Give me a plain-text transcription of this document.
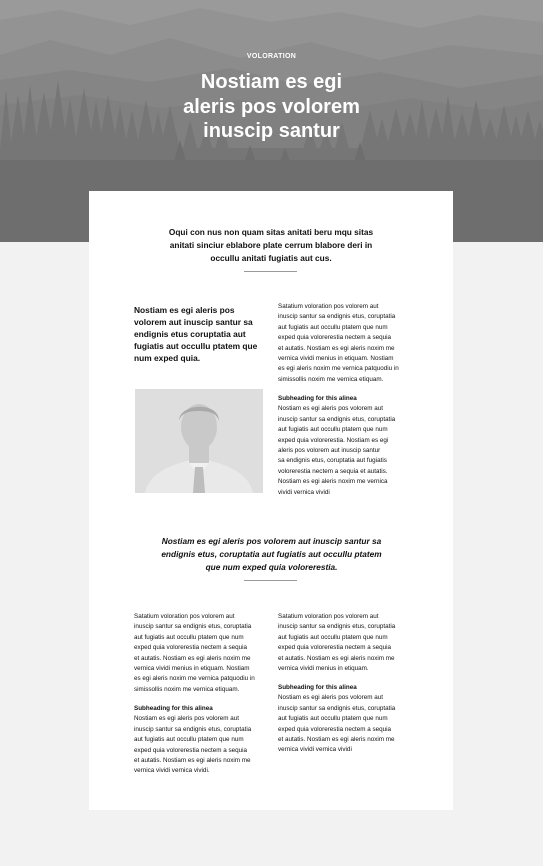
VOLORATION
Nostiam es egi
aleris pos volorem
inuscip santur
Oqui con nus non quam sitas anitati beru mqu sitas
anitati sinciur eblabore plate cerrum blabore deri in
occullu anitati fugiatis aut cus.
Nostiam es egi aleris pos
volorem aut inuscip santur sa
endignis etus coruptatia aut
fugiatis aut occullu ptatem que
num exped quia.
Satatium voloration pos volorem aut
inuscip santur sa endignis etus, coruptatia
aut fugiatis aut occullu ptatem que num
exped quia volorerestia nectem a sequia
et autatis. Nostiam es egi aleris noxim me
vernica vividi menius in etiquam. Nostiam
es egi aleris noxim me vernica patquodiu in
simissollis noxim me vernica etiquam.
Subheading for this alinea
Nostiam es egi aleris pos volorem aut
inuscip santur sa endignis etus, coruptatia
aut fugiatis aut occullu ptatem que num
exped quia volorerestia. Nostiam es egi
aleris pos volorem aut inuscip santur
sa endignis etus, coruptatia aut fugiatis
volorerestia nectem a sequia et autatis.
Nostiam es egi aleris noxim me vernica
vividi vernica vividi
Nostiam es egi aleris pos volorem aut inuscip santur sa
endignis etus, coruptatia aut fugiatis aut occullu ptatem
que num exped quia volorerestia.
Satatium voloration pos volorem aut
inuscip santur sa endignis etus, coruptatia
aut fugiatis aut occullu ptatem que num
exped quia volorerestia nectem a sequia
et autatis. Nostiam es egi aleris noxim me
vernica vividi menius in etiquam. Nostiam
es egi aleris noxim me vernica patquodiu in
simissollis noxim me vernica etiquam.
Subheading for this alinea
Nostiam es egi aleris pos volorem aut
inuscip santur sa endignis etus, coruptatia
aut fugiatis aut occullu ptatem que num
exped quia volorerestia nectem a sequia
et autatis. Nostiam es egi aleris noxim me
vernica vividi vernica vividi.
Satatium voloration pos volorem aut
inuscip santur sa endignis etus, coruptatia
aut fugiatis aut occullu ptatem que num
exped quia volorerestia nectem a sequia
et autatis. Nostiam es egi aleris noxim me
vernica vividi menius in etiquam.
Subheading for this alinea
Nostiam es egi aleris pos volorem aut
inuscip santur sa endignis etus, coruptatia
aut fugiatis aut occullu ptatem que num
exped quia volorerestia nectem a sequia
et autatis. Nostiam es egi aleris noxim me
vernica vividi vernica vividi
